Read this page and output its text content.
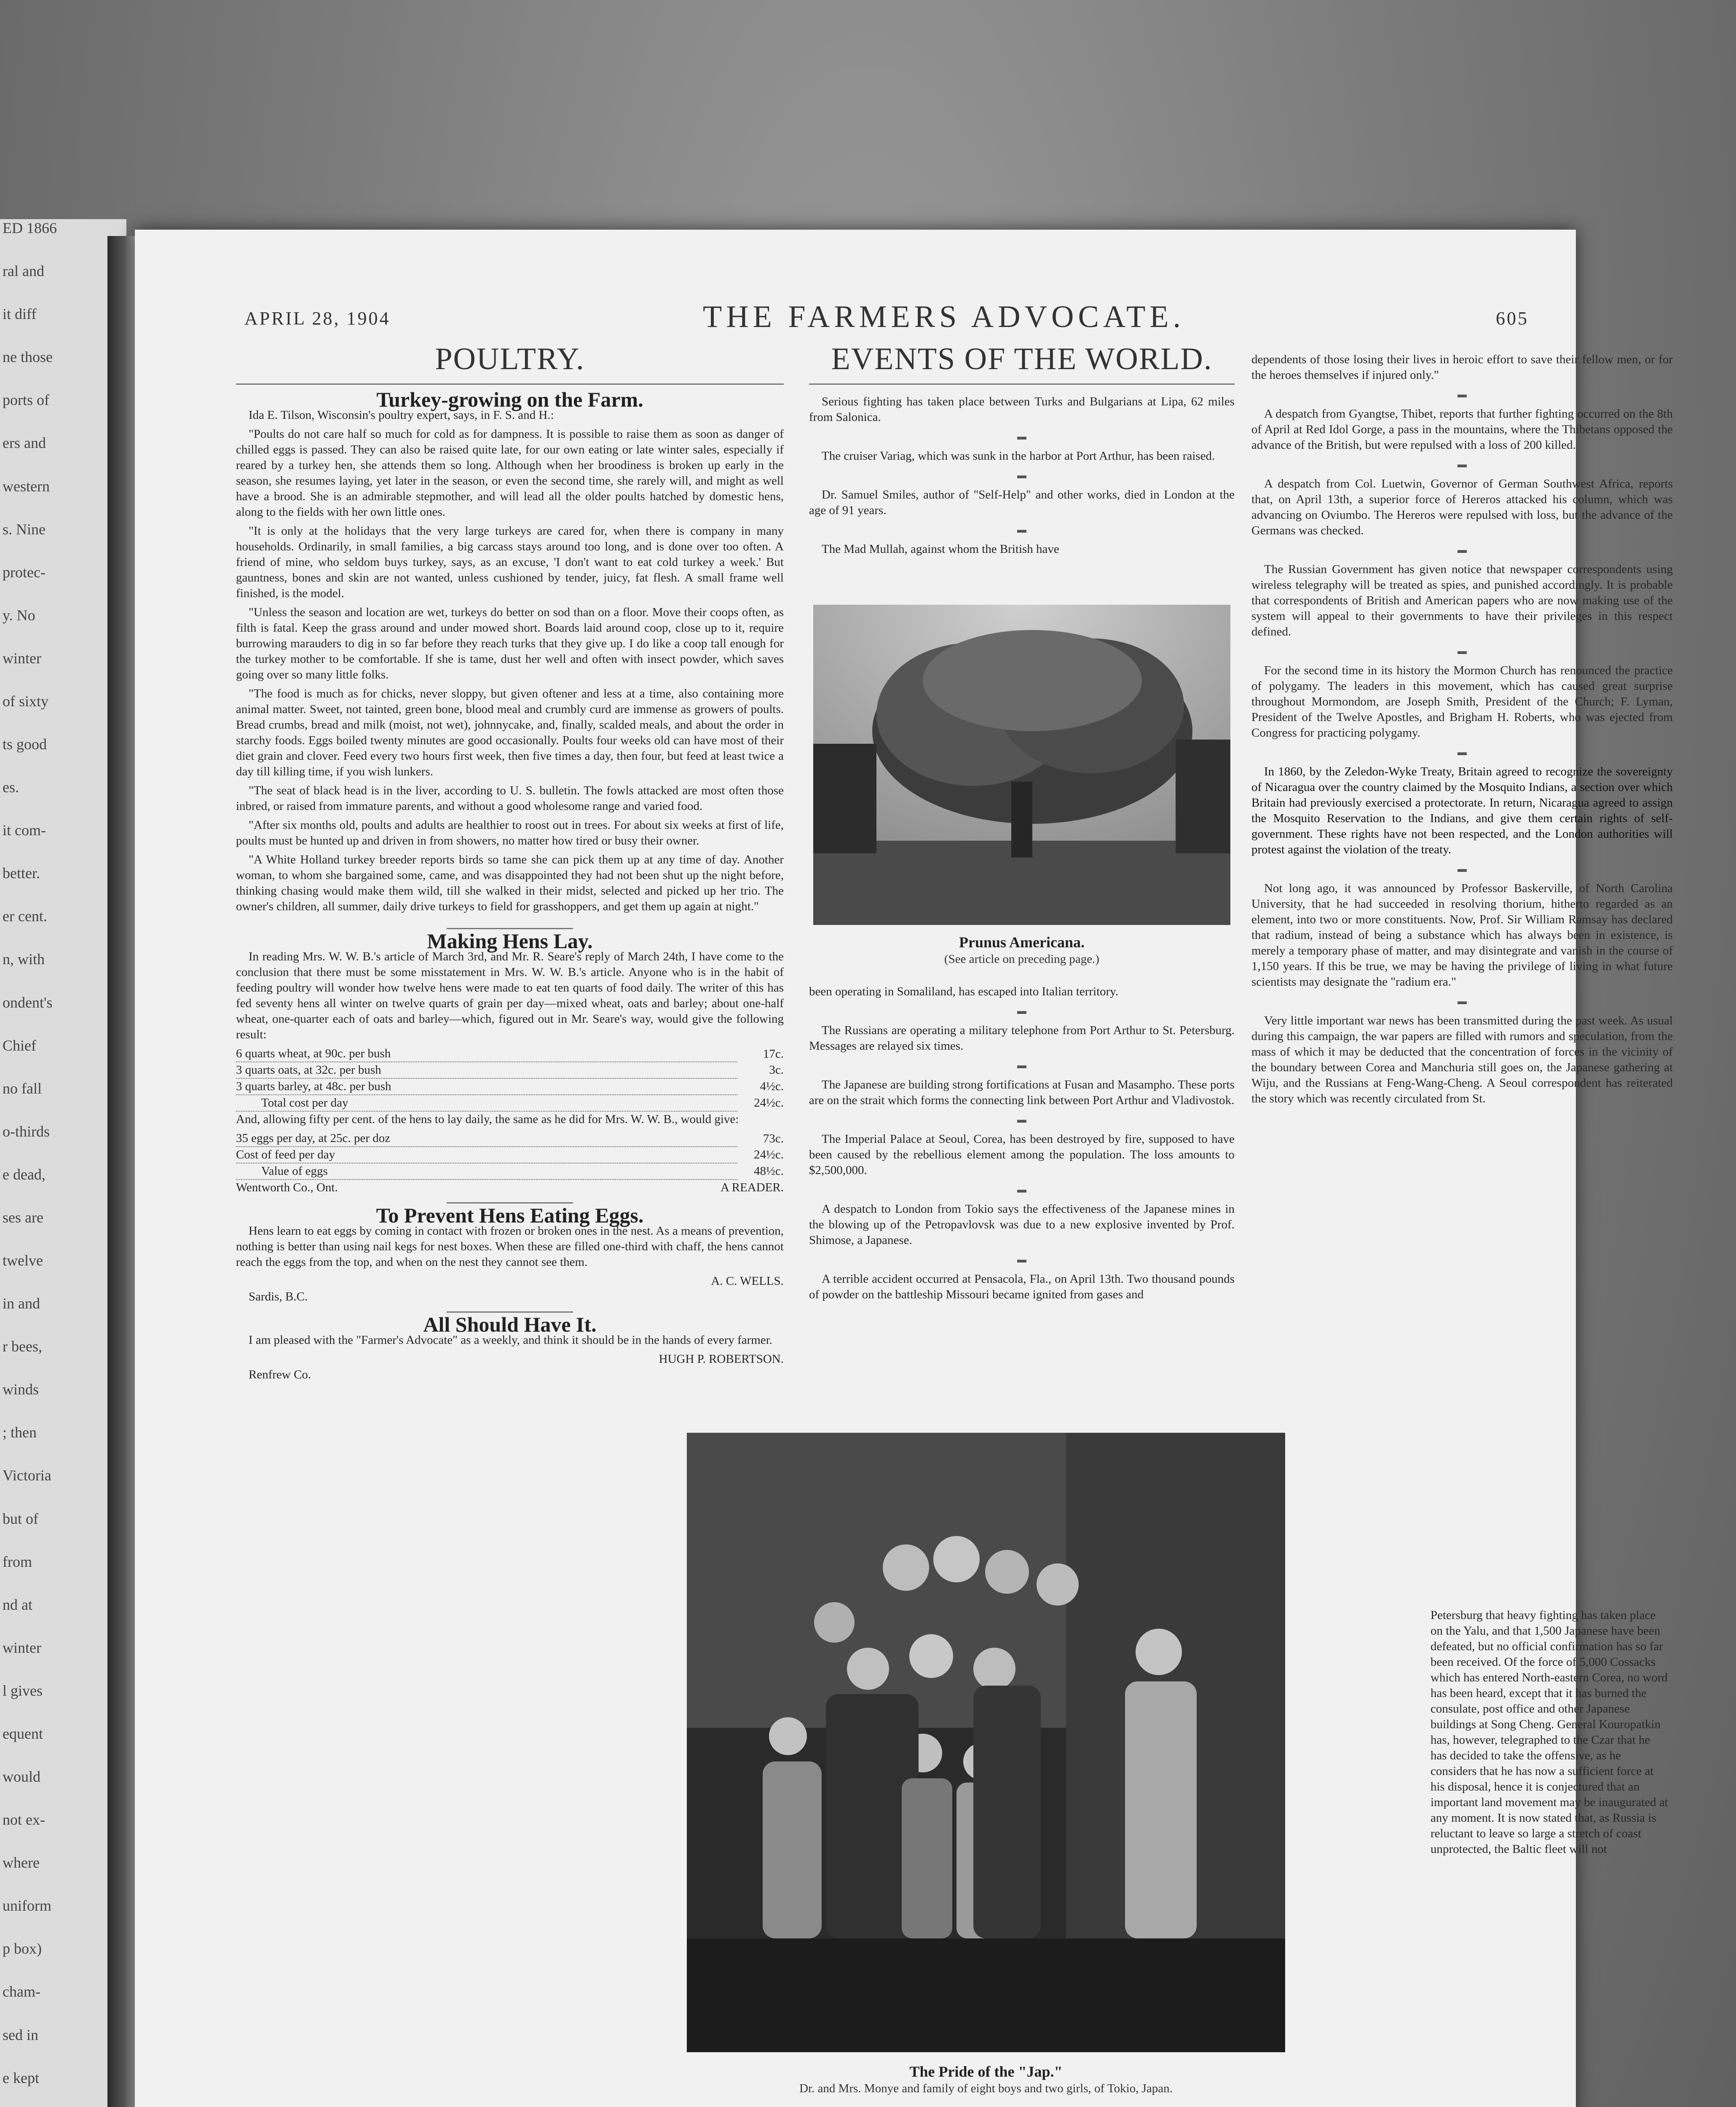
ED 1866
ral and
it diff
ne those
ports of
ers and
western
s. Nine
protec-
y. No
winter
of sixty
ts good
es.
it com-
better.
er cent.
n, with
ondent's
Chief
no fall
o-thirds
e dead,
ses are
twelve
in and
r bees,
winds
; then
Victoria
but of
from
nd at
winter
l gives
equent
would
not ex-
where
uniform
p box)
cham-
sed in
e kept
APRIL 28, 1904	THE FARMERS ADVOCATE.	605
POULTRY.
Turkey-growing on the Farm.

Ida E. Tilson, Wisconsin's poultry expert, says, in F. S. and H.:

"Poults do not care half so much for cold as for dampness. It is possible to raise them as soon as danger of chilled eggs is passed. They can also be raised quite late, for our own eating or late winter sales, especially if reared by a turkey hen, she attends them so long. Although when her broodiness is broken up early in the season, she resumes laying, yet later in the season, or even the second time, she rarely will, and might as well have a brood. She is an admirable stepmother, and will lead all the older poults hatched by domestic hens, along to the fields with her own little ones.

"It is only at the holidays that the very large turkeys are cared for, when there is company in many households. Ordinarily, in small families, a big carcass stays around too long, and is done over too often. A friend of mine, who seldom buys turkey, says, as an excuse, 'I don't want to eat cold turkey a week.' But gauntness, bones and skin are not wanted, unless cushioned by tender, juicy, fat flesh. A small frame well finished, is the model.

"Unless the season and location are wet, turkeys do better on sod than on a floor. Move their coops often, as filth is fatal. Keep the grass around and under mowed short. Boards laid around coop, close up to it, require burrowing marauders to dig in so far before they reach turks that they give up. I do like a coop tall enough for the turkey mother to be comfortable. If she is tame, dust her well and often with insect powder, which saves going over so many little folks.

"The food is much as for chicks, never sloppy, but given oftener and less at a time, also containing more animal matter. Sweet, not tainted, green bone, blood meal and crumbly curd are immense as growers of poults. Bread crumbs, bread and milk (moist, not wet), johnnycake, and, finally, scalded meals, and about the order in starchy foods. Eggs boiled twenty minutes are good occasionally. Poults four weeks old can have most of their diet grain and clover. Feed every two hours first week, then five times a day, then four, but feed at least twice a day till killing time, if you wish lunkers.

"The seat of black head is in the liver, according to U. S. bulletin. The fowls attacked are most often those inbred, or raised from immature parents, and without a good wholesome range and varied food.

"After six months old, poults and adults are healthier to roost out in trees. For about six weeks at first of life, poults must be hunted up and driven in from showers, no matter how tired or busy their owner.

"A White Holland turkey breeder reports birds so tame she can pick them up at any time of day. Another woman, to whom she bargained some, came, and was disappointed they had not been shut up the night before, thinking chasing would make them wild, till she walked in their midst, selected and picked up her trio. The owner's children, all summer, daily drive turkeys to field for grasshoppers, and get them up again at night."

Making Hens Lay.

In reading Mrs. W. W. B.'s article of March 3rd, and Mr. R. Seare's reply of March 24th, I have come to the conclusion that there must be some misstatement in Mrs. W. W. B.'s article. Anyone who is in the habit of feeding poultry will wonder how twelve hens were made to eat ten quarts of food daily. The writer of this has fed seventy hens all winter on twelve quarts of grain per day—mixed wheat, oats and barley; about one-half wheat, one-quarter each of oats and barley—which, figured out in Mr. Seare's way, would give the following result:

6 quarts wheat, at 90c. per bush	17c.
3 quarts oats, at 32c. per bush	3c.
3 quarts barley, at 48c. per bush	4½c.
Total cost per day	24½c.

And, allowing fifty per cent. of the hens to lay daily, the same as he did for Mrs. W. W. B., would give:

35 eggs per day, at 25c. per doz	73c.
Cost of feed per day	24½c.
Value of eggs	48½c.
Wentworth Co., Ont.	A READER.
To Prevent Hens Eating Eggs.

Hens learn to eat eggs by coming in contact with frozen or broken ones in the nest. As a means of prevention, nothing is better than using nail kegs for nest boxes. When these are filled one-third with chaff, the hens cannot reach the eggs from the top, and when on the nest they cannot see them.

A. C. WELLS.
Sardis, B.C.
All Should Have It.

I am pleased with the "Farmer's Advocate" as a weekly, and think it should be in the hands of every farmer.

HUGH P. ROBERTSON.
Renfrew Co.
EVENTS OF THE WORLD.

Serious fighting has taken place between Turks and Bulgarians at Lipa, 62 miles from Salonica.

▬

The cruiser Variag, which was sunk in the harbor at Port Arthur, has been raised.

▬

Dr. Samuel Smiles, author of "Self-Help" and other works, died in London at the age of 91 years.

▬

The Mad Mullah, against whom the British have

Prunus Americana.
(See article on preceding page.)

been operating in Somaliland, has escaped into Italian territory.

▬

The Russians are operating a military telephone from Port Arthur to St. Petersburg. Messages are relayed six times.

▬

The Japanese are building strong fortifications at Fusan and Masampho. These ports are on the strait which forms the connecting link between Port Arthur and Vladivostok.

▬

The Imperial Palace at Seoul, Corea, has been destroyed by fire, supposed to have been caused by the rebellious element among the population. The loss amounts to $2,500,000.

▬

A despatch to London from Tokio says the effectiveness of the Japanese mines in the blowing up of the Petropavlovsk was due to a new explosive invented by Prof. Shimose, a Japanese.

▬

A terrible accident occurred at Pensacola, Fla., on April 13th. Two thousand pounds of powder on the battleship Missouri became ignited from gases and

The Pride of the "Jap."
Dr. and Mrs. Monye and family of eight boys and two girls, of Tokio, Japan.

dependents of those losing their lives in heroic effort to save their fellow men, or for the heroes themselves if injured only."

▬

A despatch from Gyangtse, Thibet, reports that further fighting occurred on the 8th of April at Red Idol Gorge, a pass in the mountains, where the Thibetans opposed the advance of the British, but were repulsed with a loss of 200 killed.

▬

A despatch from Col. Luetwin, Governor of German Southwest Africa, reports that, on April 13th, a superior force of Hereros attacked his column, which was advancing on Oviumbo. The Hereros were repulsed with loss, but the advance of the Germans was checked.

▬

The Russian Government has given notice that newspaper correspondents using wireless telegraphy will be treated as spies, and punished accordingly. It is probable that correspondents of British and American papers who are now making use of the system will appeal to their governments to have their privileges in this respect defined.

▬

For the second time in its history the Mormon Church has renounced the practice of polygamy. The leaders in this movement, which has caused great surprise throughout Mormondom, are Joseph Smith, President of the Church; F. Lyman, President of the Twelve Apostles, and Brigham H. Roberts, who was ejected from Congress for practicing polygamy.

▬

In 1860, by the Zeledon-Wyke Treaty, Britain agreed to recognize the sovereignty of Nicaragua over the country claimed by the Mosquito Indians, a section over which Britain had previously exercised a protectorate. In return, Nicaragua agreed to assign the Mosquito Reservation to the Indians, and give them certain rights of self-government. These rights have not been respected, and the London authorities will protest against the violation of the treaty.

▬

Not long ago, it was announced by Professor Baskerville, of North Carolina University, that he had succeeded in resolving thorium, hitherto regarded as an element, into two or more constituents. Now, Prof. Sir William Ramsay has declared that radium, instead of being a substance which has always been in existence, is merely a temporary phase of matter, and may disintegrate and vanish in the course of 1,150 years. If this be true, we may be having the privilege of living in what future scientists may designate the "radium era."

▬

Very little important war news has been transmitted during the past week. As usual during this campaign, the war papers are filled with rumors and speculation, from the mass of which it may be deducted that the concentration of forces in the vicinity of the boundary between Corea and Manchuria still goes on, the Japanese gathering at Wiju, and the Russians at Feng-Wang-Cheng. A Seoul correspondent has reiterated the story which was recently circulated from St.

Petersburg that heavy fighting has taken place on the Yalu, and that 1,500 Japanese have been defeated, but no official confirmation has so far been received. Of the force of 5,000 Cossacks which has entered North-eastern Corea, no word has been heard, except that it has burned the consulate, post office and other Japanese buildings at Song Cheng. General Kouropatkin has, however, telegraphed to the Czar that he has decided to take the offensive, as he considers that he has now a sufficient force at his disposal, hence it is conjectured that an important land movement may be inaugurated at any moment. It is now stated that, as Russia is reluctant to leave so large a stretch of coast unprotected, the Baltic fleet will not
